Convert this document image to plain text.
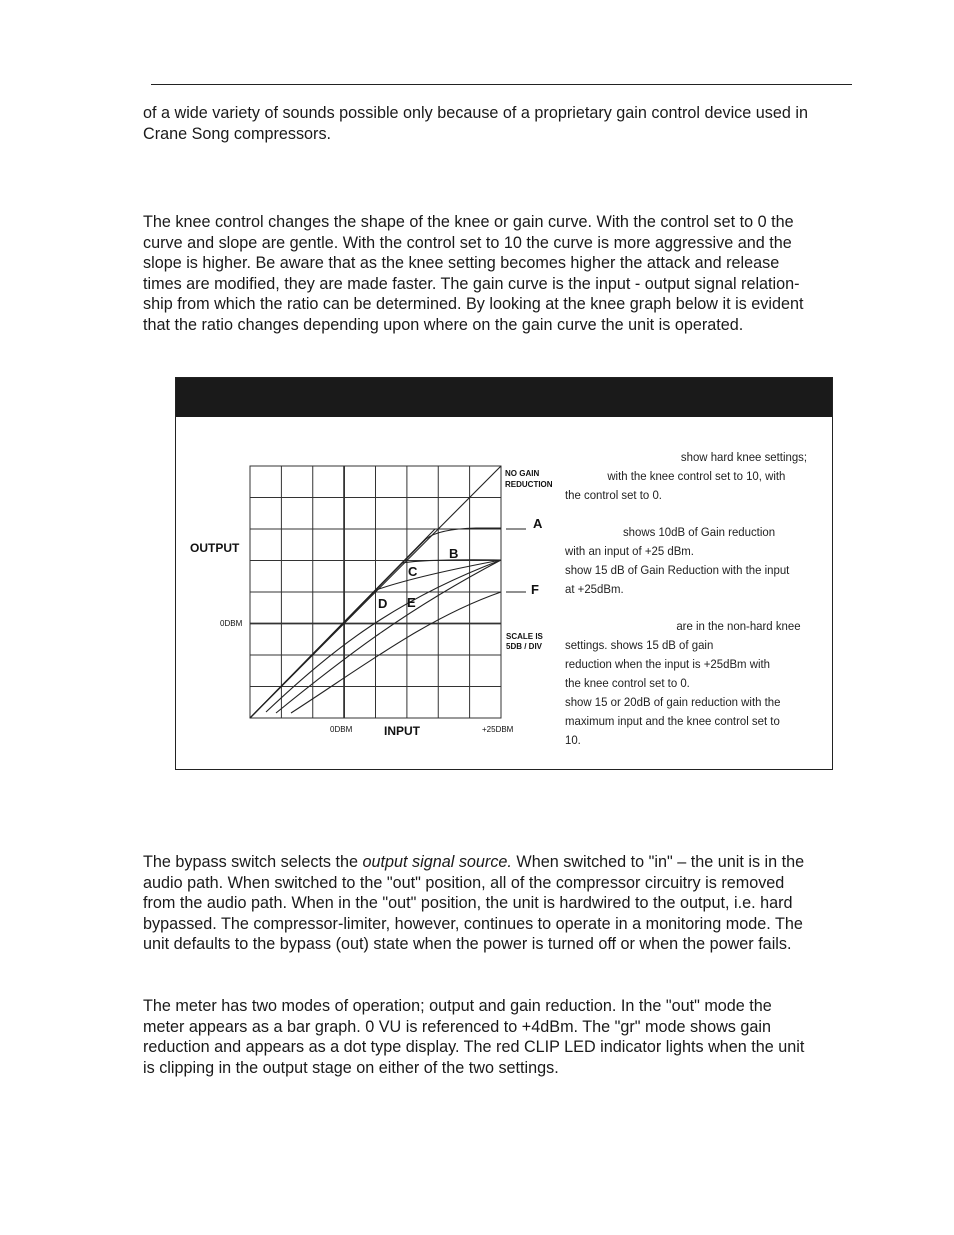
of a wide variety of sounds possible only because of a proprietary gain control device used in
Crane Song compressors.

The knee control changes the shape of the knee or gain curve. With the control set to 0 the
curve and slope are gentle. With the control set to 10 the curve is more aggressive and the
slope is higher. Be aware that as the knee setting becomes higher the attack and release
times are modified, they are made faster. The gain curve is the input - output signal relation-
ship from which the ratio can be determined. By looking at the knee graph below it is evident
that the ratio changes depending upon where on the gain curve the unit is operated.

OUTPUT
0DBM
0DBM	INPUT	+25DBM
NO GAIN
REDUCTION
SCALE IS
5DB / DIV
A
B
C
D E
F
show hard knee settings;
with the knee control set to 10, with
the control set to 0.
shows 10dB of Gain reduction
with an input of +25 dBm.
show 15 dB of Gain Reduction with the input
at +25dBm.
are in the non-hard knee
settings. shows 15 dB of gain
reduction when the input is +25dBm with
the knee control set to 0.
show 15 or 20dB of gain reduction with the
maximum input and the knee control set to
10.

The bypass switch selects the output signal source. When switched to "in" – the unit is in the
audio path. When switched to the "out" position, all of the compressor circuitry is removed
from the audio path. When in the "out" position, the unit is hardwired to the output, i.e. hard
bypassed. The compressor-limiter, however, continues to operate in a monitoring mode. The
unit defaults to the bypass (out) state when the power is turned off or when the power fails.

The meter has two modes of operation; output and gain reduction. In the "out" mode the
meter appears as a bar graph. 0 VU is referenced to +4dBm. The "gr" mode shows gain
reduction and appears as a dot type display. The red CLIP LED indicator lights when the unit
is clipping in the output stage on either of the two settings.
